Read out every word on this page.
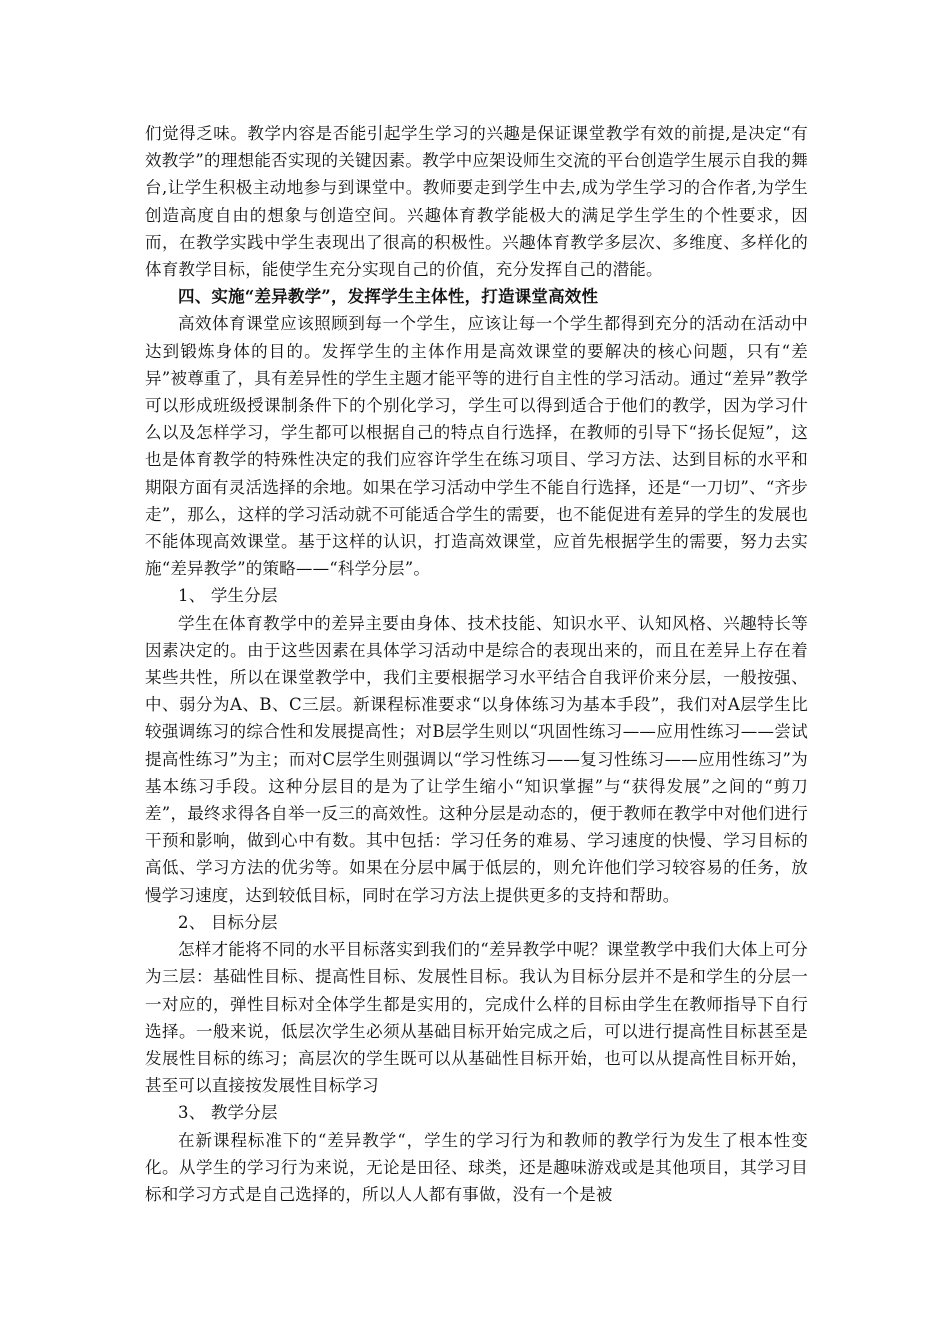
们觉得乏味。教学内容是否能引起学生学习的兴趣是保证课堂教学有效的前提,是决定“有效教学”的理想能否实现的关键因素。教学中应架设师生交流的平台创造学生展示自我的舞台,让学生积极主动地参与到课堂中。教师要走到学生中去,成为学生学习的合作者,为学生创造高度自由的想象与创造空间。兴趣体育教学能极大的满足学生学生的个性要求，因而，在教学实践中学生表现出了很高的积极性。兴趣体育教学多层次、多维度、多样化的体育教学目标，能使学生充分实现自己的价值，充分发挥自己的潜能。

四、实施“差异教学”，发挥学生主体性，打造课堂高效性

高效体育课堂应该照顾到每一个学生，应该让每一个学生都得到充分的活动在活动中达到锻炼身体的目的。发挥学生的主体作用是高效课堂的要解决的核心问题，只有“差异”被尊重了，具有差异性的学生主题才能平等的进行自主性的学习活动。通过“差异”教学可以形成班级授课制条件下的个别化学习，学生可以得到适合于他们的教学，因为学习什么以及怎样学习，学生都可以根据自己的特点自行选择，在教师的引导下“扬长促短”，这也是体育教学的特殊性决定的我们应容许学生在练习项目、学习方法、达到目标的水平和期限方面有灵活选择的余地。如果在学习活动中学生不能自行选择，还是“一刀切”、“齐步走”，那么，这样的学习活动就不可能适合学生的需要，也不能促进有差异的学生的发展也不能体现高效课堂。基于这样的认识，打造高效课堂，应首先根据学生的需要，努力去实施“差异教学”的策略——“科学分层”。

1、 学生分层

学生在体育教学中的差异主要由身体、技术技能、知识水平、认知风格、兴趣特长等因素决定的。由于这些因素在具体学习活动中是综合的表现出来的，而且在差异上存在着某些共性，所以在课堂教学中，我们主要根据学习水平结合自我评价来分层，一般按强、中、弱分为A、B、C三层。新课程标准要求“以身体练习为基本手段”，我们对A层学生比较强调练习的综合性和发展提高性；对B层学生则以“巩固性练习——应用性练习——尝试提高性练习”为主；而对C层学生则强调以“学习性练习——复习性练习——应用性练习”为基本练习手段。这种分层目的是为了让学生缩小“知识掌握”与“获得发展”之间的“剪刀差”，最终求得各自举一反三的高效性。这种分层是动态的，便于教师在教学中对他们进行干预和影响，做到心中有数。其中包括：学习任务的难易、学习速度的快慢、学习目标的高低、学习方法的优劣等。如果在分层中属于低层的，则允许他们学习较容易的任务，放慢学习速度，达到较低目标，同时在学习方法上提供更多的支持和帮助。

2、 目标分层

怎样才能将不同的水平目标落实到我们的“差异教学中呢？课堂教学中我们大体上可分为三层：基础性目标、提高性目标、发展性目标。我认为目标分层并不是和学生的分层一一对应的，弹性目标对全体学生都是实用的，完成什么样的目标由学生在教师指导下自行选择。一般来说，低层次学生必须从基础目标开始完成之后，可以进行提高性目标甚至是发展性目标的练习；高层次的学生既可以从基础性目标开始，也可以从提高性目标开始，甚至可以直接按发展性目标学习

3、 教学分层

在新课程标准下的“差异教学“，学生的学习行为和教师的教学行为发生了根本性变化。从学生的学习行为来说，无论是田径、球类，还是趣味游戏或是其他项目，其学习目标和学习方式是自己选择的，所以人人都有事做，没有一个是被
